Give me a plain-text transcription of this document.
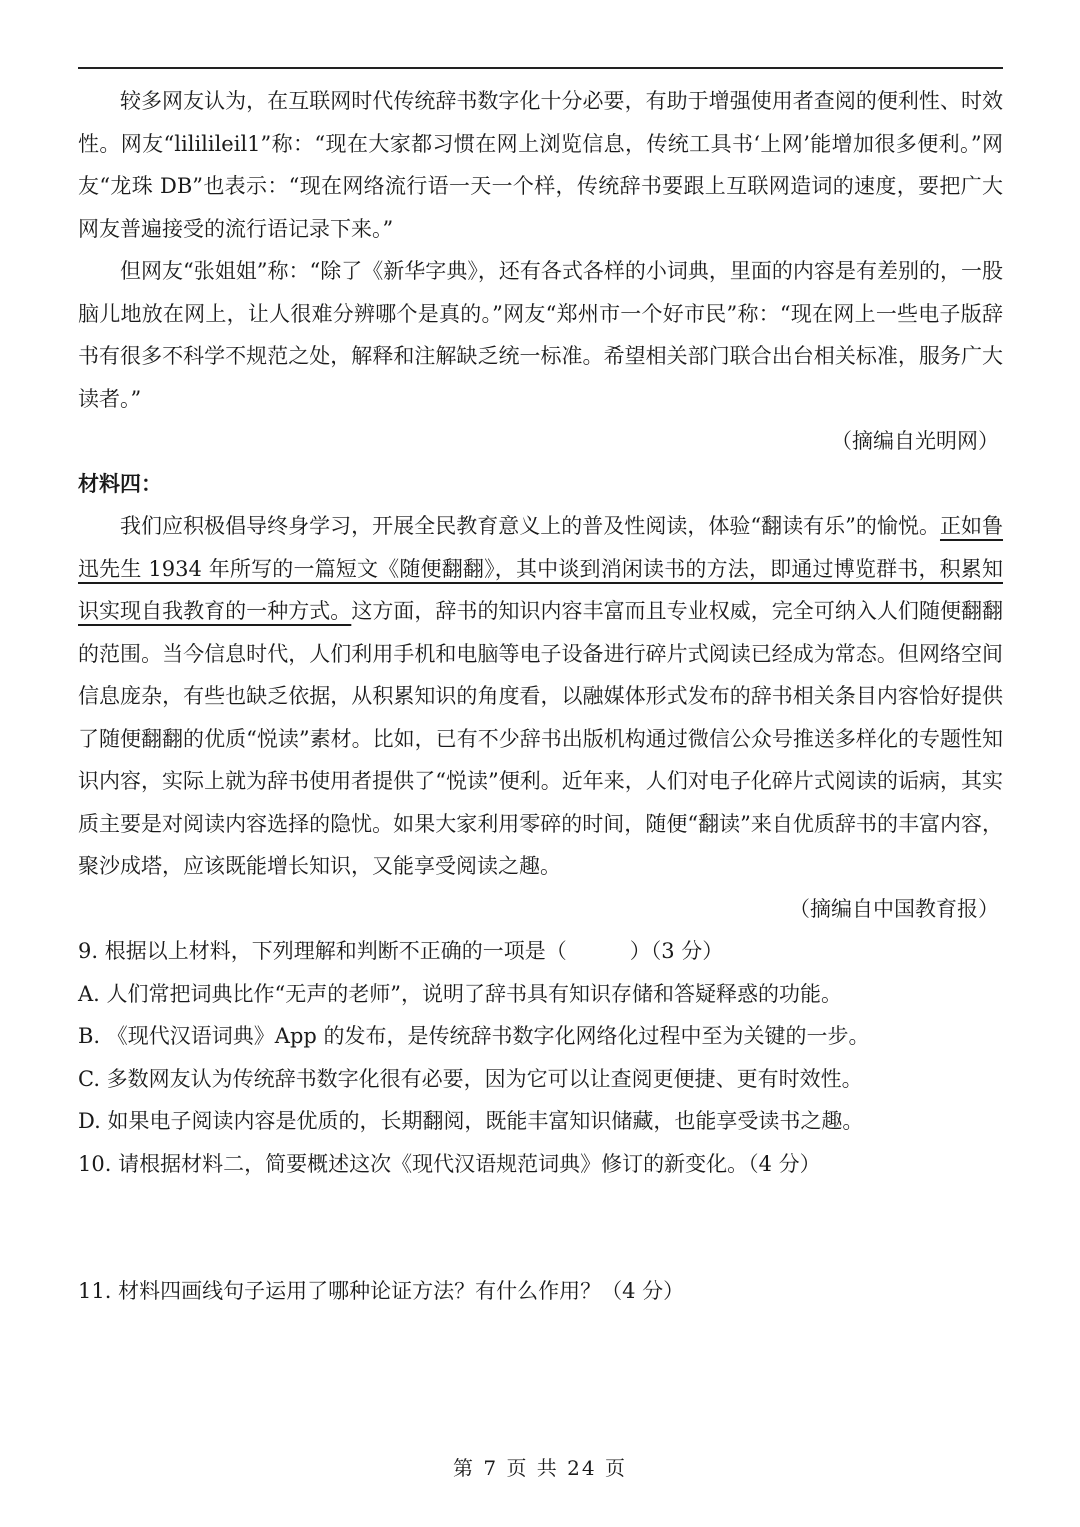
较多网友认为，在互联网时代传统辞书数字化十分必要，有助于增强使用者查阅的便利性、时效性。网友“lililileil1”称：“现在大家都习惯在网上浏览信息，传统工具书‘上网’能增加很多便利。”网友“龙珠 DB”也表示：“现在网络流行语一天一个样，传统辞书要跟上互联网造词的速度，要把广大网友普遍接受的流行语记录下来。”

但网友“张姐姐”称：“除了《新华字典》，还有各式各样的小词典，里面的内容是有差别的，一股脑儿地放在网上，让人很难分辨哪个是真的。”网友“郑州市一个好市民”称：“现在网上一些电子版辞书有很多不科学不规范之处，解释和注解缺乏统一标准。希望相关部门联合出台相关标准，服务广大读者。”

（摘编自光明网）

材料四：

我们应积极倡导终身学习，开展全民教育意义上的普及性阅读，体验“翻读有乐”的愉悦。正如鲁迅先生 1934 年所写的一篇短文《随便翻翻》，其中谈到消闲读书的方法，即通过博览群书，积累知识实现自我教育的一种方式。这方面，辞书的知识内容丰富而且专业权威，完全可纳入人们随便翻翻的范围。当今信息时代，人们利用手机和电脑等电子设备进行碎片式阅读已经成为常态。但网络空间信息庞杂，有些也缺乏依据，从积累知识的角度看，以融媒体形式发布的辞书相关条目内容恰好提供了随便翻翻的优质“悦读”素材。比如，已有不少辞书出版机构通过微信公众号推送多样化的专题性知识内容，实际上就为辞书使用者提供了“悦读”便利。近年来，人们对电子化碎片式阅读的诟病，其实质主要是对阅读内容选择的隐忧。如果大家利用零碎的时间，随便“翻读”来自优质辞书的丰富内容，聚沙成塔，应该既能增长知识，又能享受阅读之趣。

（摘编自中国教育报）

9. 根据以上材料，下列理解和判断不正确的一项是（　　　）（3 分）

A. 人们常把词典比作“无声的老师”，说明了辞书具有知识存储和答疑释惑的功能。

B. 《现代汉语词典》App 的发布，是传统辞书数字化网络化过程中至为关键的一步。

C. 多数网友认为传统辞书数字化很有必要，因为它可以让查阅更便捷、更有时效性。

D. 如果电子阅读内容是优质的，长期翻阅，既能丰富知识储藏，也能享受读书之趣。

10. 请根据材料二，简要概述这次《现代汉语规范词典》修订的新变化。（4 分）

11. 材料四画线句子运用了哪种论证方法？有什么作用？（4 分）

第 7 页 共 24 页
